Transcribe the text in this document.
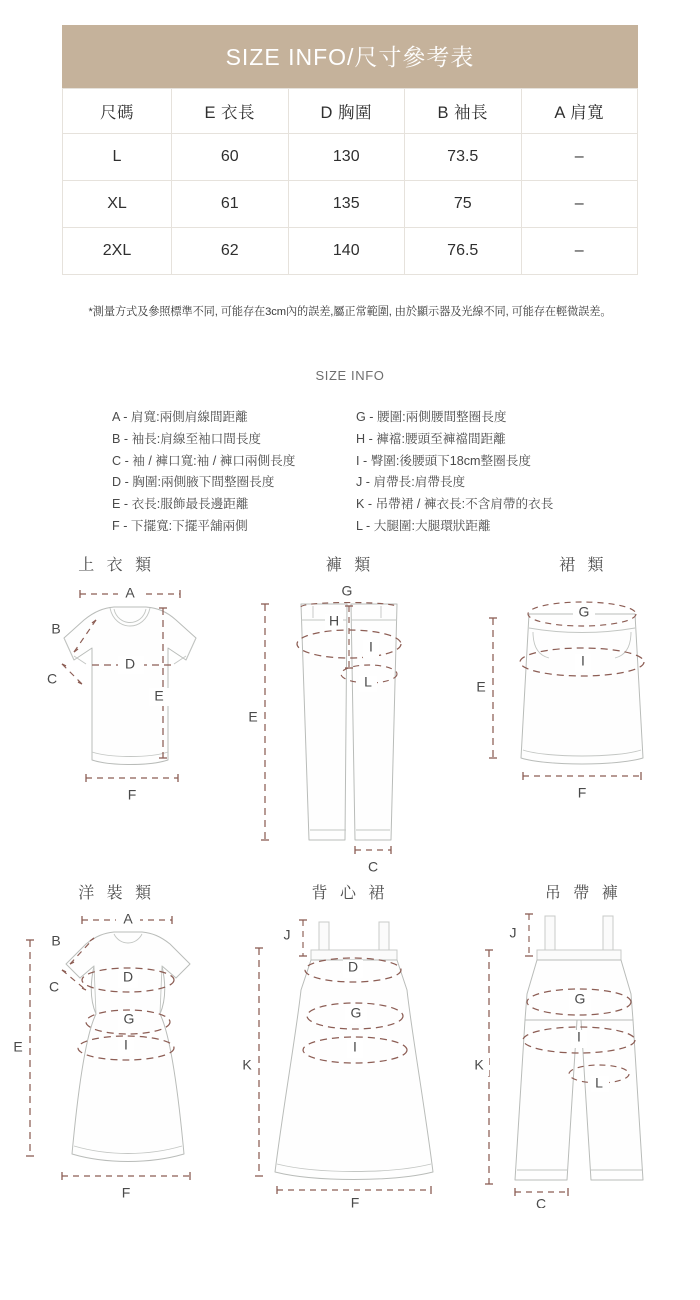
SIZE INFO/尺寸參考表
尺碼	E 衣長	D 胸圍	B 袖長	A 肩寬
L	60	130	73.5	–
XL	61	135	75	–
2XL	62	140	76.5	–
*測量方式及參照標準不同, 可能存在3cm內的誤差,屬正常範圍, 由於顯示器及光線不同, 可能存在輕微誤差。
SIZE INFO
A - 肩寬:兩側肩線間距離
B - 袖長:肩線至袖口間長度
C - 袖 / 褲口寬:袖 / 褲口兩側長度
D - 胸圍:兩側腋下間整圈長度
E - 衣長:服飾最長邊距離
F - 下擺寬:下擺平舖兩側
G - 腰圍:兩側腰間整圈長度
H - 褲襠:腰頭至褲襠間距離
I - 臀圍:後腰頭下18cm整圈長度
J - 肩帶長:肩帶長度
K - 吊帶裙 / 褲衣長:不含肩帶的衣長
L - 大腿圍:大腿環狀距離
上 衣 類
A
B
C
D
E
F
褲 類
G
H
I
L
E
C
裙 類
G
I
E
F
洋 裝 類
A
B
C
D
G
I
E
F
背 心 裙
J
D
G
I
K
F
吊 帶 褲
J
G
I
L
K
C
